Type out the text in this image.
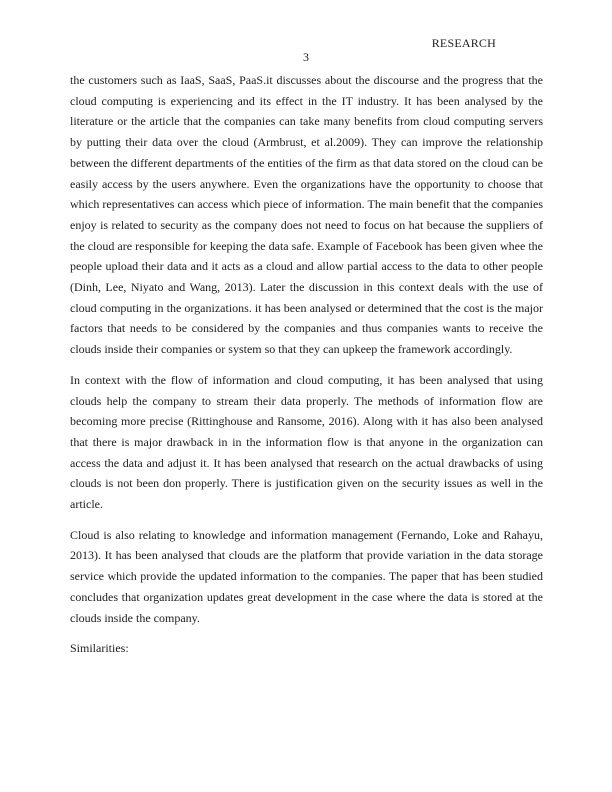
RESEARCH
3

the customers such as IaaS, SaaS, PaaS.it discusses about the discourse and the progress that the cloud computing is experiencing and its effect in the IT industry. It has been analysed by the literature or the article that the companies can take many benefits from cloud computing servers by putting their data over the cloud (Armbrust, et al.2009). They can improve the relationship between the different departments of the entities of the firm as that data stored on the cloud can be easily access by the users anywhere. Even the organizations have the opportunity to choose that which representatives can access which piece of information. The main benefit that the companies enjoy is related to security as the company does not need to focus on hat because the suppliers of the cloud are responsible for keeping the data safe. Example of Facebook has been given whee the people upload their data and it acts as a cloud and allow partial access to the data to other people (Dinh, Lee, Niyato and Wang, 2013). Later the discussion in this context deals with the use of cloud computing in the organizations. it has been analysed or determined that the cost is the major factors that needs to be considered by the companies and thus companies wants to receive the clouds inside their companies or system so that they can upkeep the framework accordingly.

In context with the flow of information and cloud computing, it has been analysed that using clouds help the company to stream their data properly. The methods of information flow are becoming more precise (Rittinghouse and Ransome, 2016). Along with it has also been analysed that there is major drawback in in the information flow is that anyone in the organization can access the data and adjust it. It has been analysed that research on the actual drawbacks of using clouds is not been don properly. There is justification given on the security issues as well in the article.

Cloud is also relating to knowledge and information management (Fernando, Loke and Rahayu, 2013). It has been analysed that clouds are the platform that provide variation in the data storage service which provide the updated information to the companies. The paper that has been studied concludes that organization updates great development in the case where the data is stored at the clouds inside the company.

Similarities:
